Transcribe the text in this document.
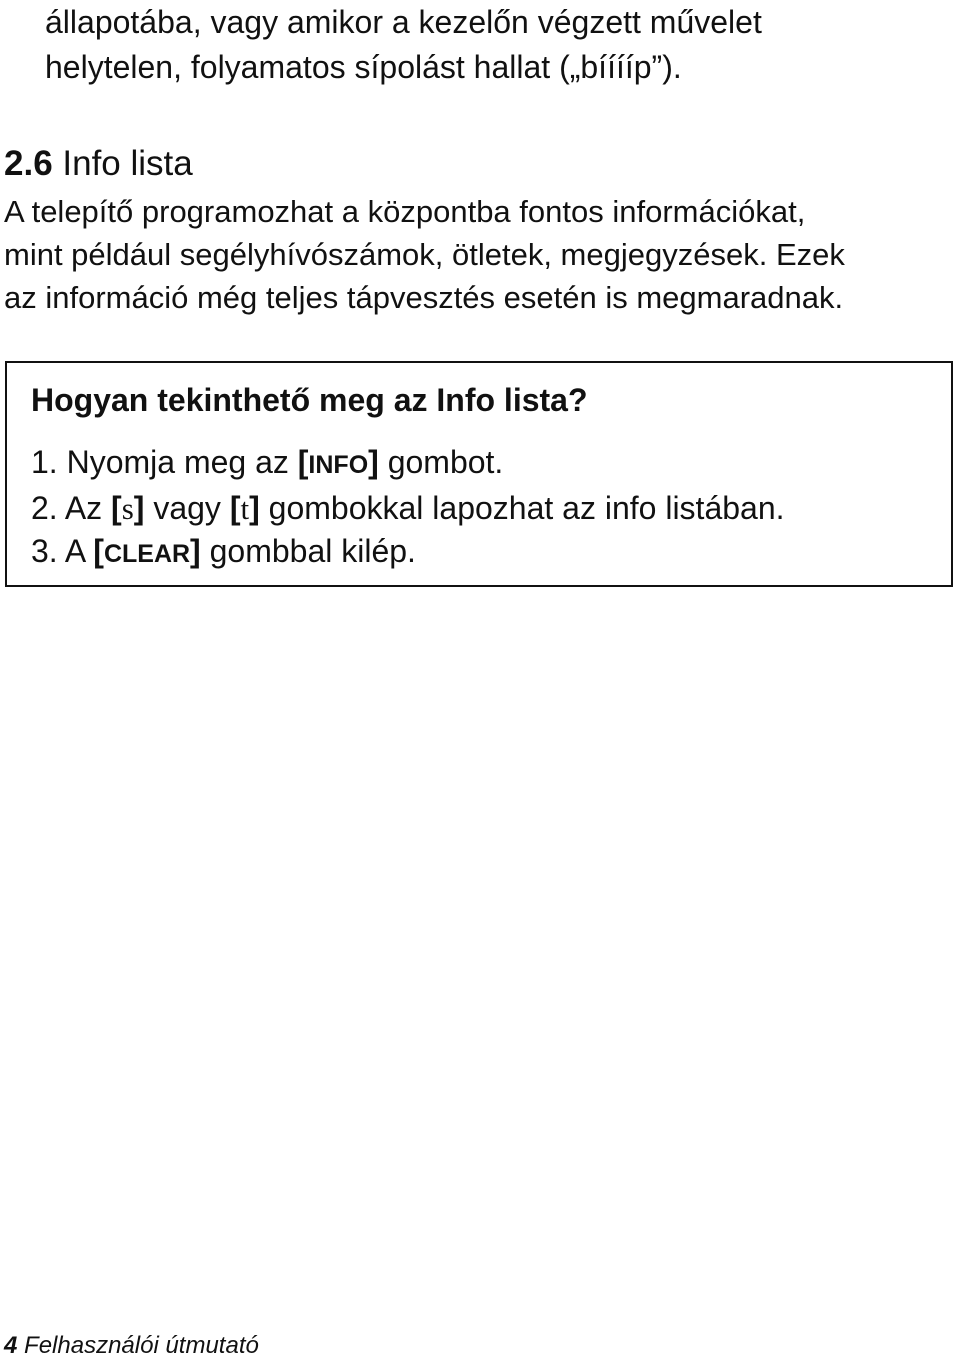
állapotába, vagy amikor a kezelőn végzett művelet
helytelen, folyamatos sípolást hallat („bííííp”).
2.6 Info lista
A telepítő programozhat a központba fontos információkat,
mint például segélyhívószámok, ötletek, megjegyzések. Ezek
az információ még teljes tápvesztés esetén is megmaradnak.
Hogyan tekinthető meg az Info lista?
1. Nyomja meg az [INFO] gombot.
2. Az [s] vagy [t] gombokkal lapozhat az info listában.
3. A [CLEAR] gombbal kilép.
4 Felhasználói útmutató
